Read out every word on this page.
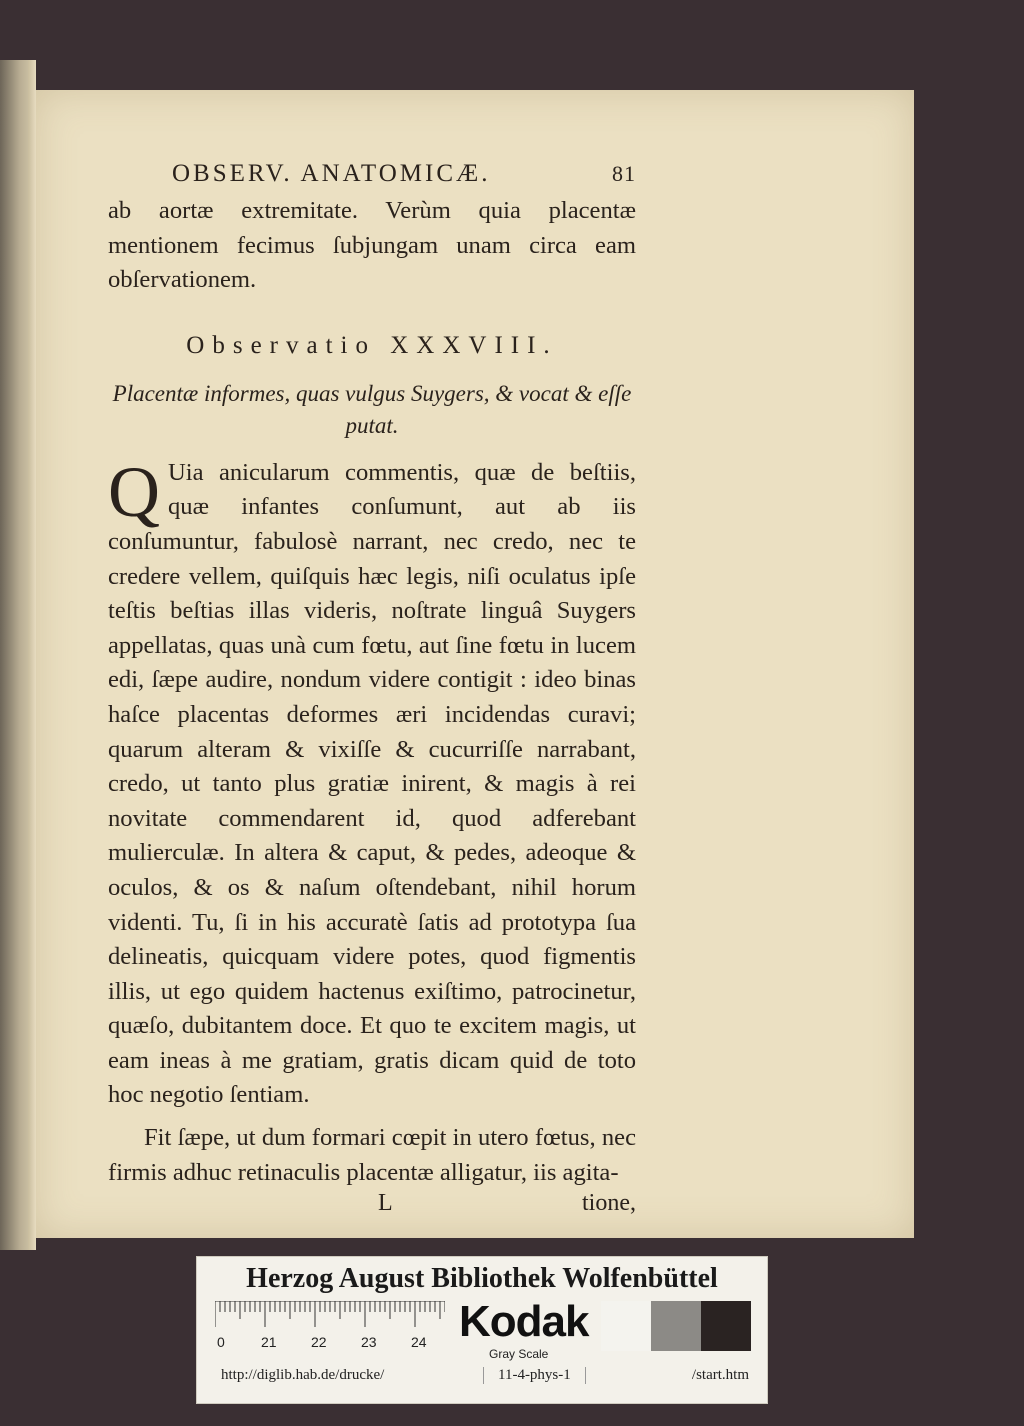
OBSERV. ANATOMICÆ.	81

ab aortæ extremitate. Verùm quia placentæ mentionem fecimus ſubjungam unam circa eam obſervationem.

Observatio XXXVIII.

Placentæ informes, quas vulgus Suygers, & vocat & eſſe putat.

Q Uia anicularum commentis, quæ de beſtiis, quæ infantes conſumunt, aut ab iis conſumuntur, fabulosè narrant, nec credo, nec te credere vellem, quiſquis hæc legis, niſi oculatus ipſe teſtis beſtias illas videris, noſtrate linguâ Suygers appellatas, quas unà cum fœtu, aut ſine fœtu in lucem edi, ſæpe audire, nondum videre contigit : ideo binas haſce placentas deformes æri incidendas curavi; quarum alteram & vixiſſe & cucurriſſe narrabant, credo, ut tanto plus gratiæ inirent, & magis à rei novitate commendarent id, quod adferebant mulierculæ. In altera & caput, & pedes, adeoque & oculos, & os & naſum oſtendebant, nihil horum videnti. Tu, ſi in his accuratè ſatis ad prototypa ſua delineatis, quicquam videre potes, quod figmentis illis, ut ego quidem hactenus exiſtimo, patrocinetur, quæſo, dubitantem doce. Et quo te excitem magis, ut eam ineas à me gratiam, gratis dicam quid de toto hoc negotio ſentiam.

Fit ſæpe, ut dum formari cœpit in utero fœtus, nec firmis adhuc retinaculis placentæ alligatur, iis agita-

L	tione,
Herzog August Bibliothek Wolfenbüttel
0	21 22 23 24 Kodak
Gray Scale
http://diglib.hab.de/drucke/	11-4-phys-1	/start.htm
